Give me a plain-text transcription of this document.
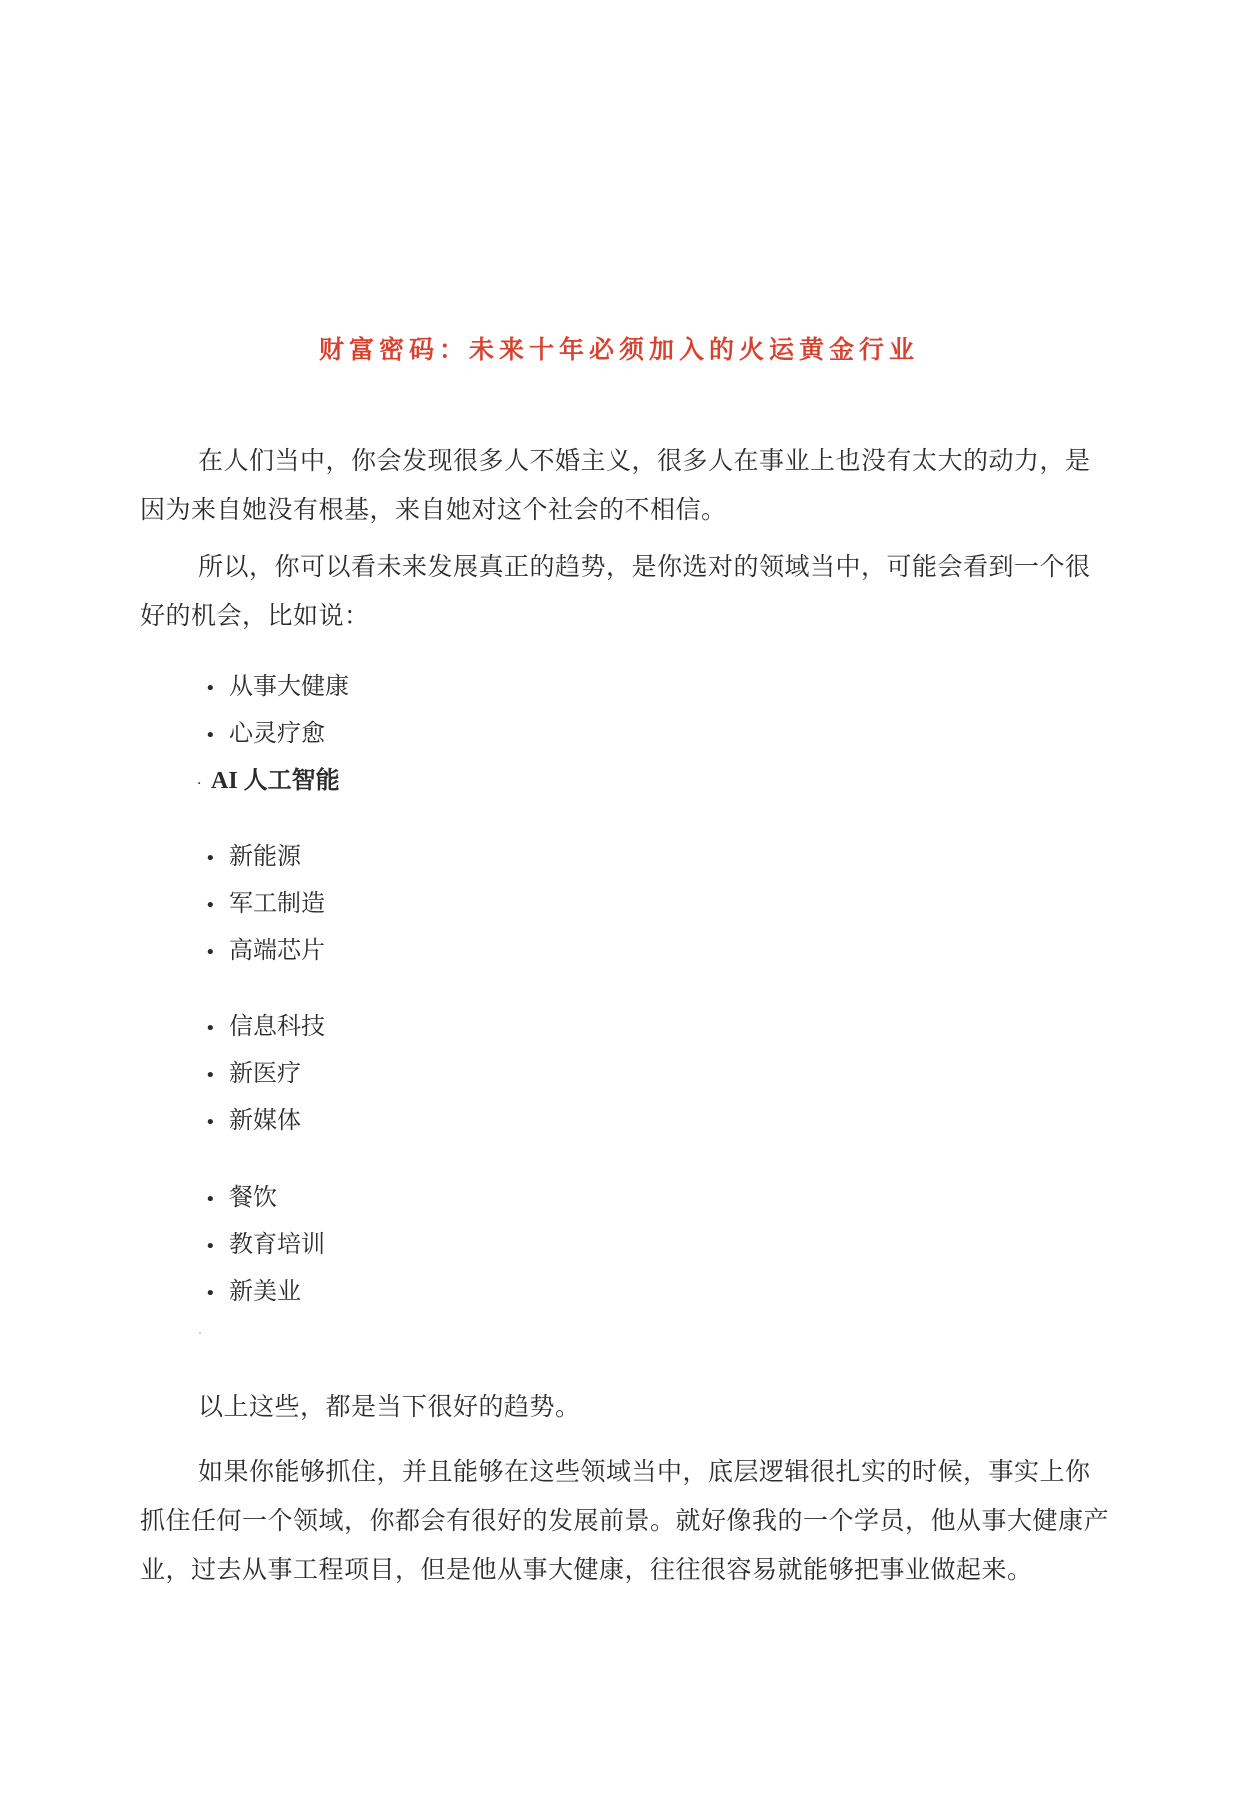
财富密码：未来十年必须加入的火运黄金行业

在人们当中，你会发现很多人不婚主义，很多人在事业上也没有太大的动力，是因为来自她没有根基，来自她对这个社会的不相信。

所以，你可以看未来发展真正的趋势，是你选对的领域当中，可能会看到一个很好的机会，比如说：

• 从事大健康
• 心灵疗愈
· AI 人工智能
• 新能源
• 军工制造
• 高端芯片
• 信息科技
• 新医疗
• 新媒体
• 餐饮
• 教育培训
• 新美业

以上这些，都是当下很好的趋势。

如果你能够抓住，并且能够在这些领域当中，底层逻辑很扎实的时候，事实上你抓住任何一个领域，你都会有很好的发展前景。就好像我的一个学员，他从事大健康产业，过去从事工程项目，但是他从事大健康，往往很容易就能够把事业做起来。
